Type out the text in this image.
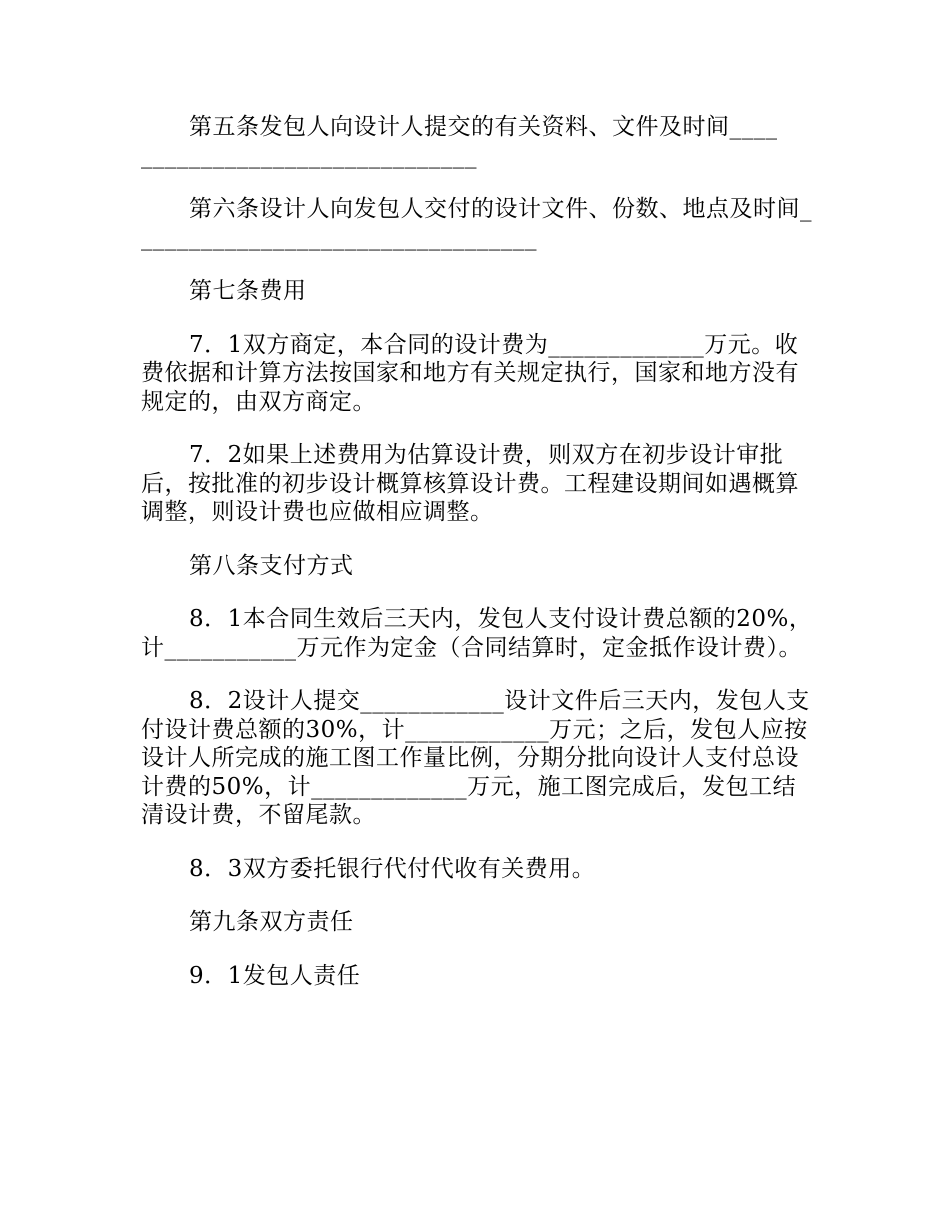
第五条发包人向设计人提交的有关资料、文件及时间____
____________________________

第六条设计人向发包人交付的设计文件、份数、地点及时间__________________________________

第七条费用

7．1双方商定，本合同的设计费为_____________万元。收费依据和计算方法按国家和地方有关规定执行，国家和地方没有规定的，由双方商定。

7．2如果上述费用为估算设计费，则双方在初步设计审批后，按批准的初步设计概算核算设计费。工程建设期间如遇概算调整，则设计费也应做相应调整。

第八条支付方式

8．1本合同生效后三天内，发包人支付设计费总额的20%，计___________万元作为定金（合同结算时，定金抵作设计费）。

8．2设计人提交____________设计文件后三天内，发包人支付设计费总额的30%，计____________万元；之后，发包人应按设计人所完成的施工图工作量比例，分期分批向设计人支付总设计费的50%，计_____________万元，施工图完成后，发包工结清设计费，不留尾款。

8．3双方委托银行代付代收有关费用。

第九条双方责任

9．1发包人责任
